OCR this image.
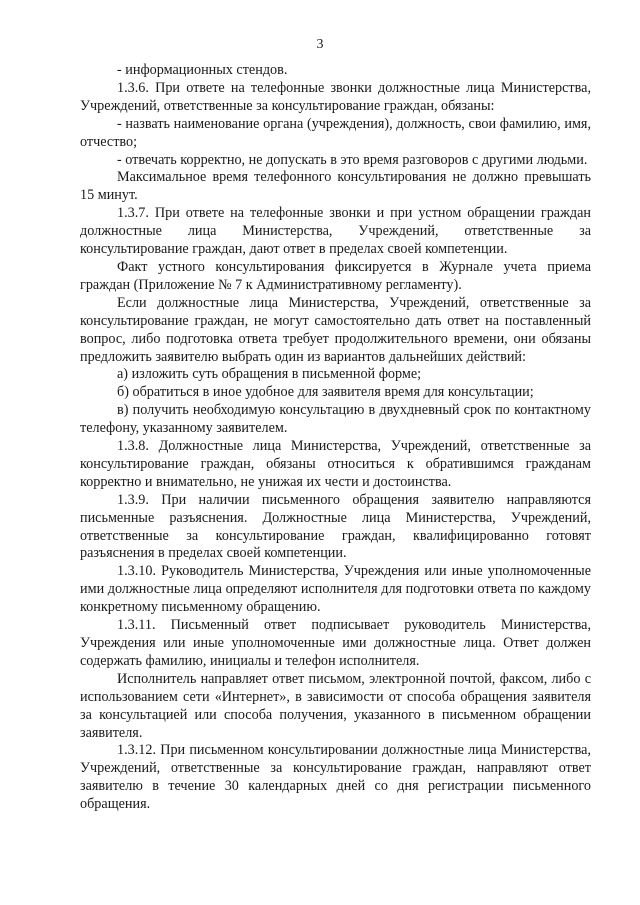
3

- информационных стендов.

1.3.6. При ответе на телефонные звонки должностные лица Министерства, Учреждений, ответственные за консультирование граждан, обязаны:

- назвать наименование органа (учреждения), должность, свои фамилию, имя, отчество;

- отвечать корректно, не допускать в это время разговоров с другими людьми.

Максимальное время телефонного консультирования не должно превышать 15 минут.

1.3.7. При ответе на телефонные звонки и при устном обращении граждан должностные лица Министерства, Учреждений, ответственные за консультирование граждан, дают ответ в пределах своей компетенции.

Факт устного консультирования фиксируется в Журнале учета приема граждан (Приложение № 7 к Административному регламенту).

Если должностные лица Министерства, Учреждений, ответственные за консультирование граждан, не могут самостоятельно дать ответ на поставленный вопрос, либо подготовка ответа требует продолжительного времени, они обязаны предложить заявителю выбрать один из вариантов дальнейших действий:

а) изложить суть обращения в письменной форме;

б) обратиться в иное удобное для заявителя время для консультации;

в) получить необходимую консультацию в двухдневный срок по контактному телефону, указанному заявителем.

1.3.8. Должностные лица Министерства, Учреждений, ответственные за консультирование граждан, обязаны относиться к обратившимся гражданам корректно и внимательно, не унижая их чести и достоинства.

1.3.9. При наличии письменного обращения заявителю направляются письменные разъяснения. Должностные лица Министерства, Учреждений, ответственные за консультирование граждан, квалифицированно готовят разъяснения в пределах своей компетенции.

1.3.10. Руководитель Министерства, Учреждения или иные уполномоченные ими должностные лица определяют исполнителя для подготовки ответа по каждому конкретному письменному обращению.

1.3.11. Письменный ответ подписывает руководитель Министерства, Учреждения или иные уполномоченные ими должностные лица. Ответ должен содержать фамилию, инициалы и телефон исполнителя.

Исполнитель направляет ответ письмом, электронной почтой, факсом, либо с использованием сети «Интернет», в зависимости от способа обращения заявителя за консультацией или способа получения, указанного в письменном обращении заявителя.

1.3.12. При письменном консультировании должностные лица Министерства, Учреждений, ответственные за консультирование граждан, направляют ответ заявителю в течение 30 календарных дней со дня регистрации письменного обращения.
